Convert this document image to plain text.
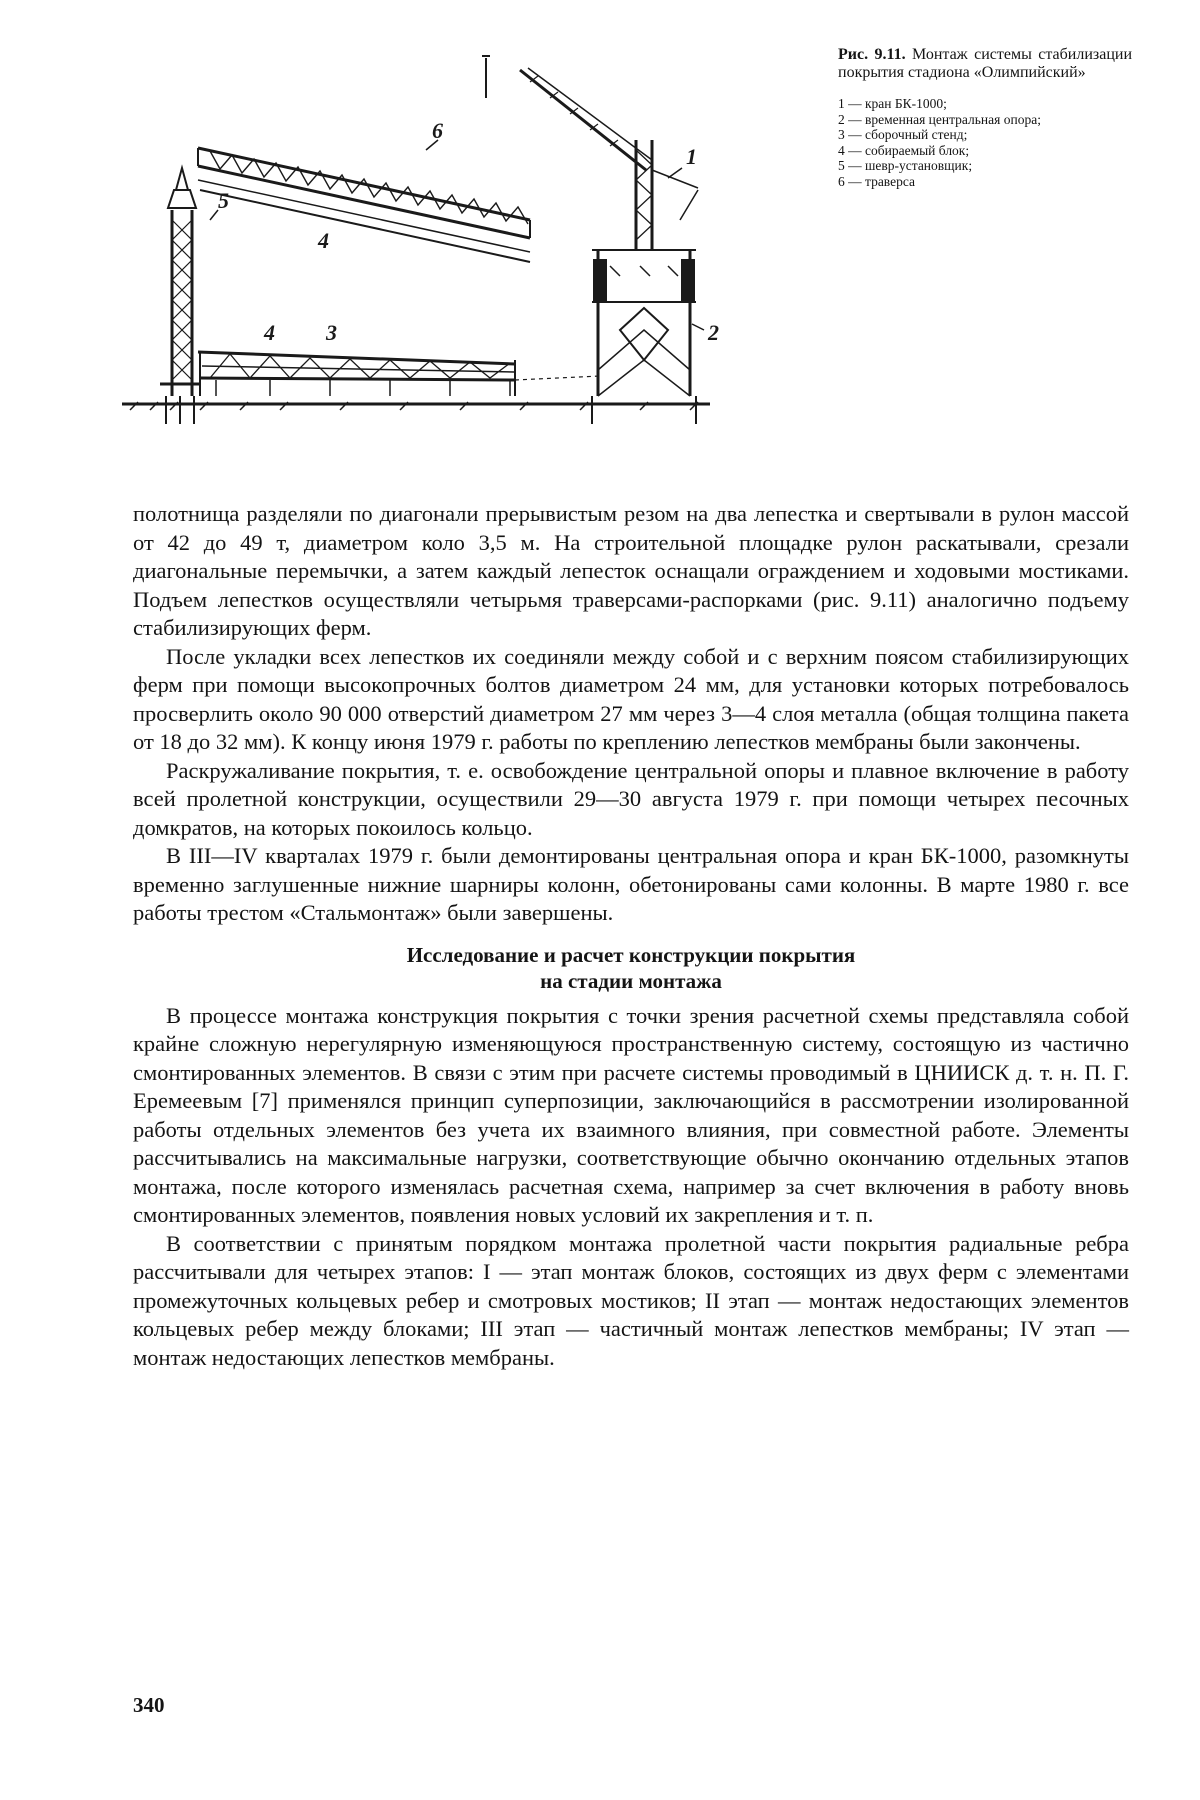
6
5
4
4 3
1
2
Рис. 9.11. Монтаж системы стабилизации покрытия стадиона «Олимпийский»
1 — кран БК-1000;
2 — временная центральная опора;
3 — сборочный стенд;
4 — собираемый блок;
5 — шевр-установщик;
6 — траверса

полотнища разделяли по диагонали прерывистым резом на два лепестка и свертывали в рулон массой от 42 до 49 т, диаметром коло 3,5 м. На строительной площадке рулон раскатывали, срезали диагональные перемычки, а затем каждый лепесток оснащали ограждением и ходовыми мостиками. Подъем лепестков осуществляли четырьмя траверсами-распорками (рис. 9.11) аналогично подъему стабилизирующих ферм.

После укладки всех лепестков их соединяли между собой и с верхним поясом стабилизирующих ферм при помощи высокопрочных болтов диаметром 24 мм, для установки которых потребовалось просверлить около 90 000 отверстий диаметром 27 мм через 3—4 слоя металла (общая толщина пакета от 18 до 32 мм). К концу июня 1979 г. работы по креплению лепестков мембраны были закончены.

Раскружаливание покрытия, т. е. освобождение центральной опоры и плавное включение в работу всей пролетной конструкции, осуществили 29—30 августа 1979 г. при помощи четырех песочных домкратов, на которых покоилось кольцо.

В III—IV кварталах 1979 г. были демонтированы центральная опора и кран БК-1000, разомкнуты временно заглушенные нижние шарниры колонн, обетонированы сами колонны. В марте 1980 г. все работы трестом «Стальмонтаж» были завершены.

Исследование и расчет конструкции покрытия
на стадии монтажа

В процессе монтажа конструкция покрытия с точки зрения расчетной схемы представляла собой крайне сложную нерегулярную изменяющуюся пространственную систему, состоящую из частично смонтированных элементов. В связи с этим при расчете системы проводимый в ЦНИИСК д. т. н. П. Г. Еремеевым [7] применялся принцип суперпозиции, заключающийся в рассмотрении изолированной работы отдельных элементов без учета их взаимного влияния, при совместной работе. Элементы рассчитывались на максимальные нагрузки, соответствующие обычно окончанию отдельных этапов монтажа, после которого изменялась расчетная схема, например за счет включения в работу вновь смонтированных элементов, появления новых условий их закрепления и т. п.

В соответствии с принятым порядком монтажа пролетной части покрытия радиальные ребра рассчитывали для четырех этапов: I — этап монтаж блоков, состоящих из двух ферм с элементами промежуточных кольцевых ребер и смотровых мостиков; II этап — монтаж недостающих элементов кольцевых ребер между блоками; III этап — частичный монтаж лепестков мембраны; IV этап — монтаж недостающих лепестков мембраны.

340
